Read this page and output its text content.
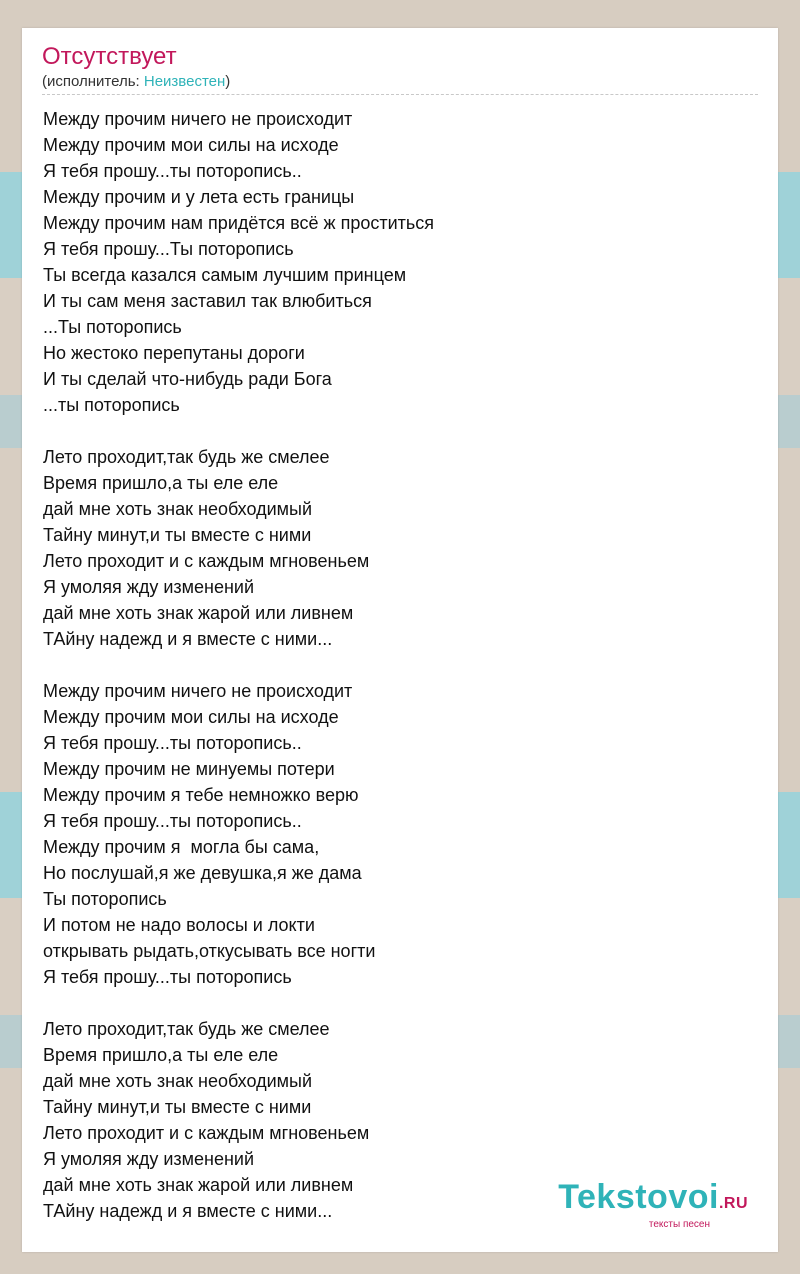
Отсутствует
(исполнитель: Неизвестен)
Между прочим ничего не происходит
Между прочим мои силы на исходе
Я тебя прошу...ты поторопись..
Между прочим и у лета есть границы
Между прочим нам придётся всё ж проститься
Я тебя прошу...Ты поторопись
Ты всегда казался самым лучшим принцем
И ты сам меня заставил так влюбиться
...Ты поторопись
Но жестоко перепутаны дороги
И ты сделай что-нибудь ради Бога
...ты поторопись
Лето проходит,так будь же смелее
Время пришло,а ты еле еле
дай мне хоть знак необходимый
Тайну минут,и ты вместе с ними
Лето проходит и с каждым мгновеньем
Я умоляя жду изменений
дай мне хоть знак жарой или ливнем
ТАйну надежд и я вместе с ними...
Между прочим ничего не происходит
Между прочим мои силы на исходе
Я тебя прошу...ты поторопись..
Между прочим не минуемы потери
Между прочим я тебе немножко верю
Я тебя прошу...ты поторопись..
Между прочим я  могла бы сама,
Но послушай,я же девушка,я же дама
Ты поторопись
И потом не надо волосы и локти
открывать рыдать,откусывать все ногти
Я тебя прошу...ты поторопись
Лето проходит,так будь же смелее
Время пришло,а ты еле еле
дай мне хоть знак необходимый
Тайну минут,и ты вместе с ними
Лето проходит и с каждым мгновеньем
Я умоляя жду изменений
дай мне хоть знак жарой или ливнем
ТАйну надежд и я вместе с ними...	Tekstovoi.RU
тексты песен
